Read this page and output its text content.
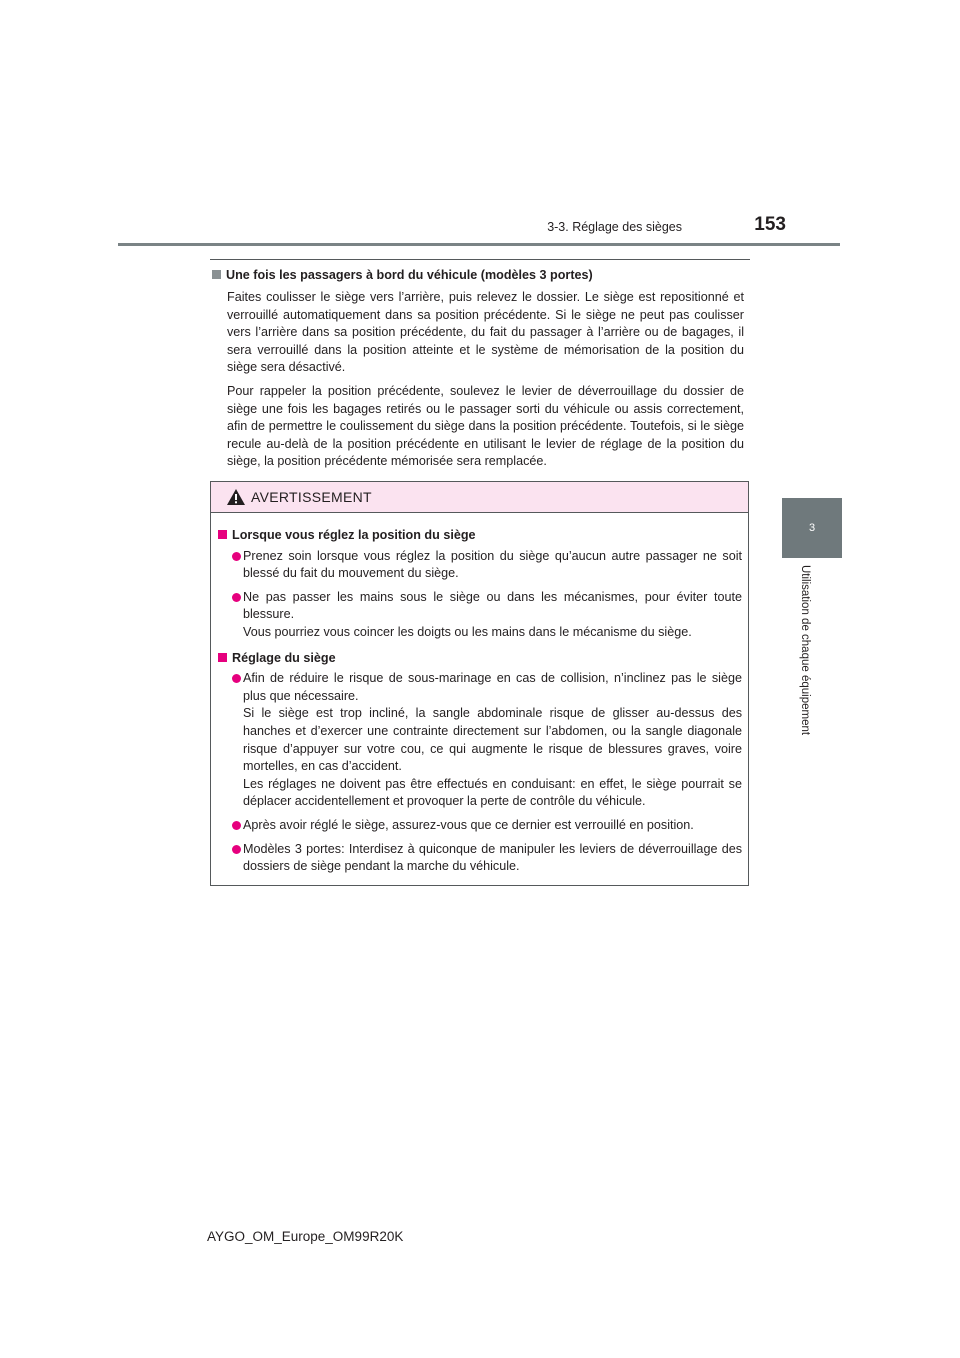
3-3. Réglage des sièges	153
3
Utilisation de chaque équipement
Une fois les passagers à bord du véhicule (modèles 3 portes)
Faites coulisser le siège vers l’arrière, puis relevez le dossier. Le siège est repositionné et verrouillé automatiquement dans sa position précédente. Si le siège ne peut pas coulisser vers l’arrière dans sa position précédente, du fait du passager à l’arrière ou de bagages, il sera verrouillé dans la position atteinte et le système de mémorisation de la position du siège sera désactivé.
Pour rappeler la position précédente, soulevez le levier de déverrouillage du dossier de siège une fois les bagages retirés ou le passager sorti du véhicule ou assis correctement, afin de permettre le coulissement du siège dans la position précédente. Toutefois, si le siège recule au-delà de la position précédente en utilisant le levier de réglage de la position du siège, la position précédente mémorisée sera remplacée.
AVERTISSEMENT
Lorsque vous réglez la position du siège
Prenez soin lorsque vous réglez la position du siège qu’aucun autre passager ne soit blessé du fait du mouvement du siège.
Ne pas passer les mains sous le siège ou dans les mécanismes, pour éviter toute blessure.
Vous pourriez vous coincer les doigts ou les mains dans le mécanisme du siège.
Réglage du siège
Afin de réduire le risque de sous-marinage en cas de collision, n’inclinez pas le siège plus que nécessaire.
Si le siège est trop incliné, la sangle abdominale risque de glisser au-dessus des hanches et d’exercer une contrainte directement sur l’abdomen, ou la sangle diagonale risque d’appuyer sur votre cou, ce qui augmente le risque de blessures graves, voire mortelles, en cas d’accident.
Les réglages ne doivent pas être effectués en conduisant: en effet, le siège pourrait se déplacer accidentellement et provoquer la perte de contrôle du véhicule.
Après avoir réglé le siège, assurez-vous que ce dernier est verrouillé en position.
Modèles 3 portes: Interdisez à quiconque de manipuler les leviers de déverrouillage des dossiers de siège pendant la marche du véhicule.
AYGO_OM_Europe_OM99R20K
